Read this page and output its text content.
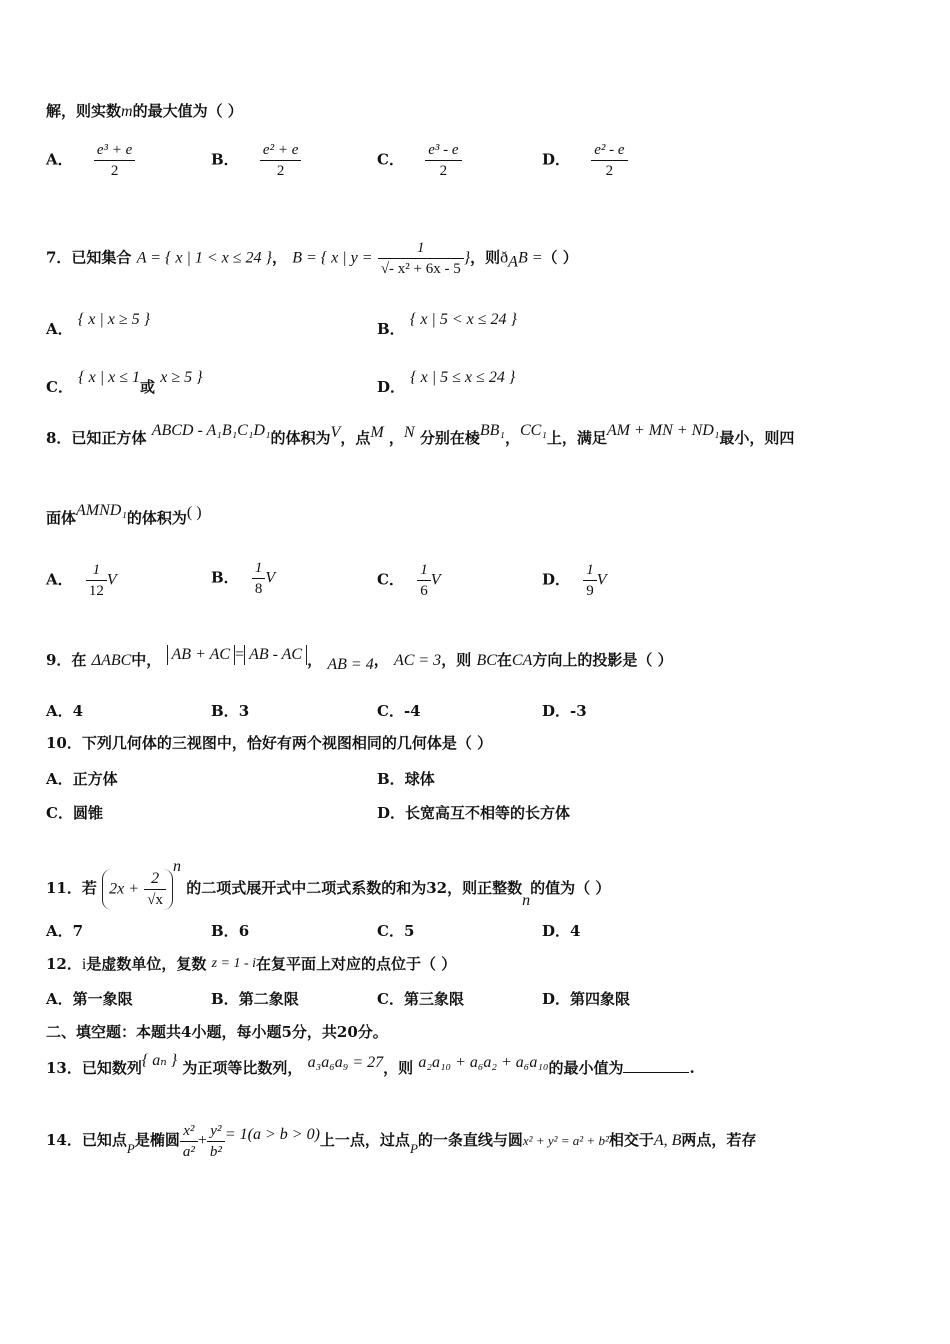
解，则实数m的最大值为（ ）
A． $\frac{\text{e³ + e}}{2}$	B． $\frac{\text{e² + e}}{2}$	C． $\frac{\text{e³ - e}}{2}$	D． $\frac{\text{e² - e}}{2}$
7．已知集合 A = { x | 1 < x ≤ 24 }， B = { x | $y = \frac{1}{\text{√- x² + 6x - 5}}$ }，则$ð_AB$ =（ ）
A． { x | x ≥ 5 }
B． { x | 5 < x ≤ 24 }
C． { x | x ≤ 1或 x ≥ 5 }
D． { x | 5 ≤ x ≤ 24 }
8．已知正方体 ABCD - A₁B₁C₁D₁的体积为V，点M ，N 分别在棱BB₁，CC₁上，满足AM + MN + ND₁最小，则四
面体AMND₁的体积为( )
A． $\frac{1}{12}$ V	B． $\frac{1}{8}$ V	C． $\frac{1}{6}$ V	D． $\frac{1}{9}$ V
9．在 ΔABC中， AB + AC = AB - AC ， AB = 4， AC = 3，则 BC在CA方向上的投影是（ ）
A．4	B．3	C．-4	D．-3
10．下列几何体的三视图中，恰好有两个视图相同的几何体是（ ）
A．正方体	B．球体
C．圆锥	D．长宽高互不相等的长方体
11．若 $2x + \frac{2}{√x}$
$^n$ 的二项式展开式中二项式系数的和为32，则正整数n的值为（ ）
A．7	B．6	C．5	D．4
12．i是虚数单位，复数 z = 1 - i在复平面上对应的点位于（ ）
A．第一象限	B．第二象限	C．第三象限	D．第四象限
二、填空题：本题共4小题，每小题5分，共20分。
13．已知数列{ aₙ } 为正项等比数列， a₃a₆a₉ = 27，则 a₂a₁₀ + a₆a₂ + a₆a₁₀的最小值为	.
14．已知点P是椭圆 $\frac{\text{x²}}{\text{a²}} + \frac{\text{y²}}{\text{b²}} = 1(a > b > 0)$上一点，过点P的一条直线与圆x² + y² = a² + b²相交于A, B两点，若存
